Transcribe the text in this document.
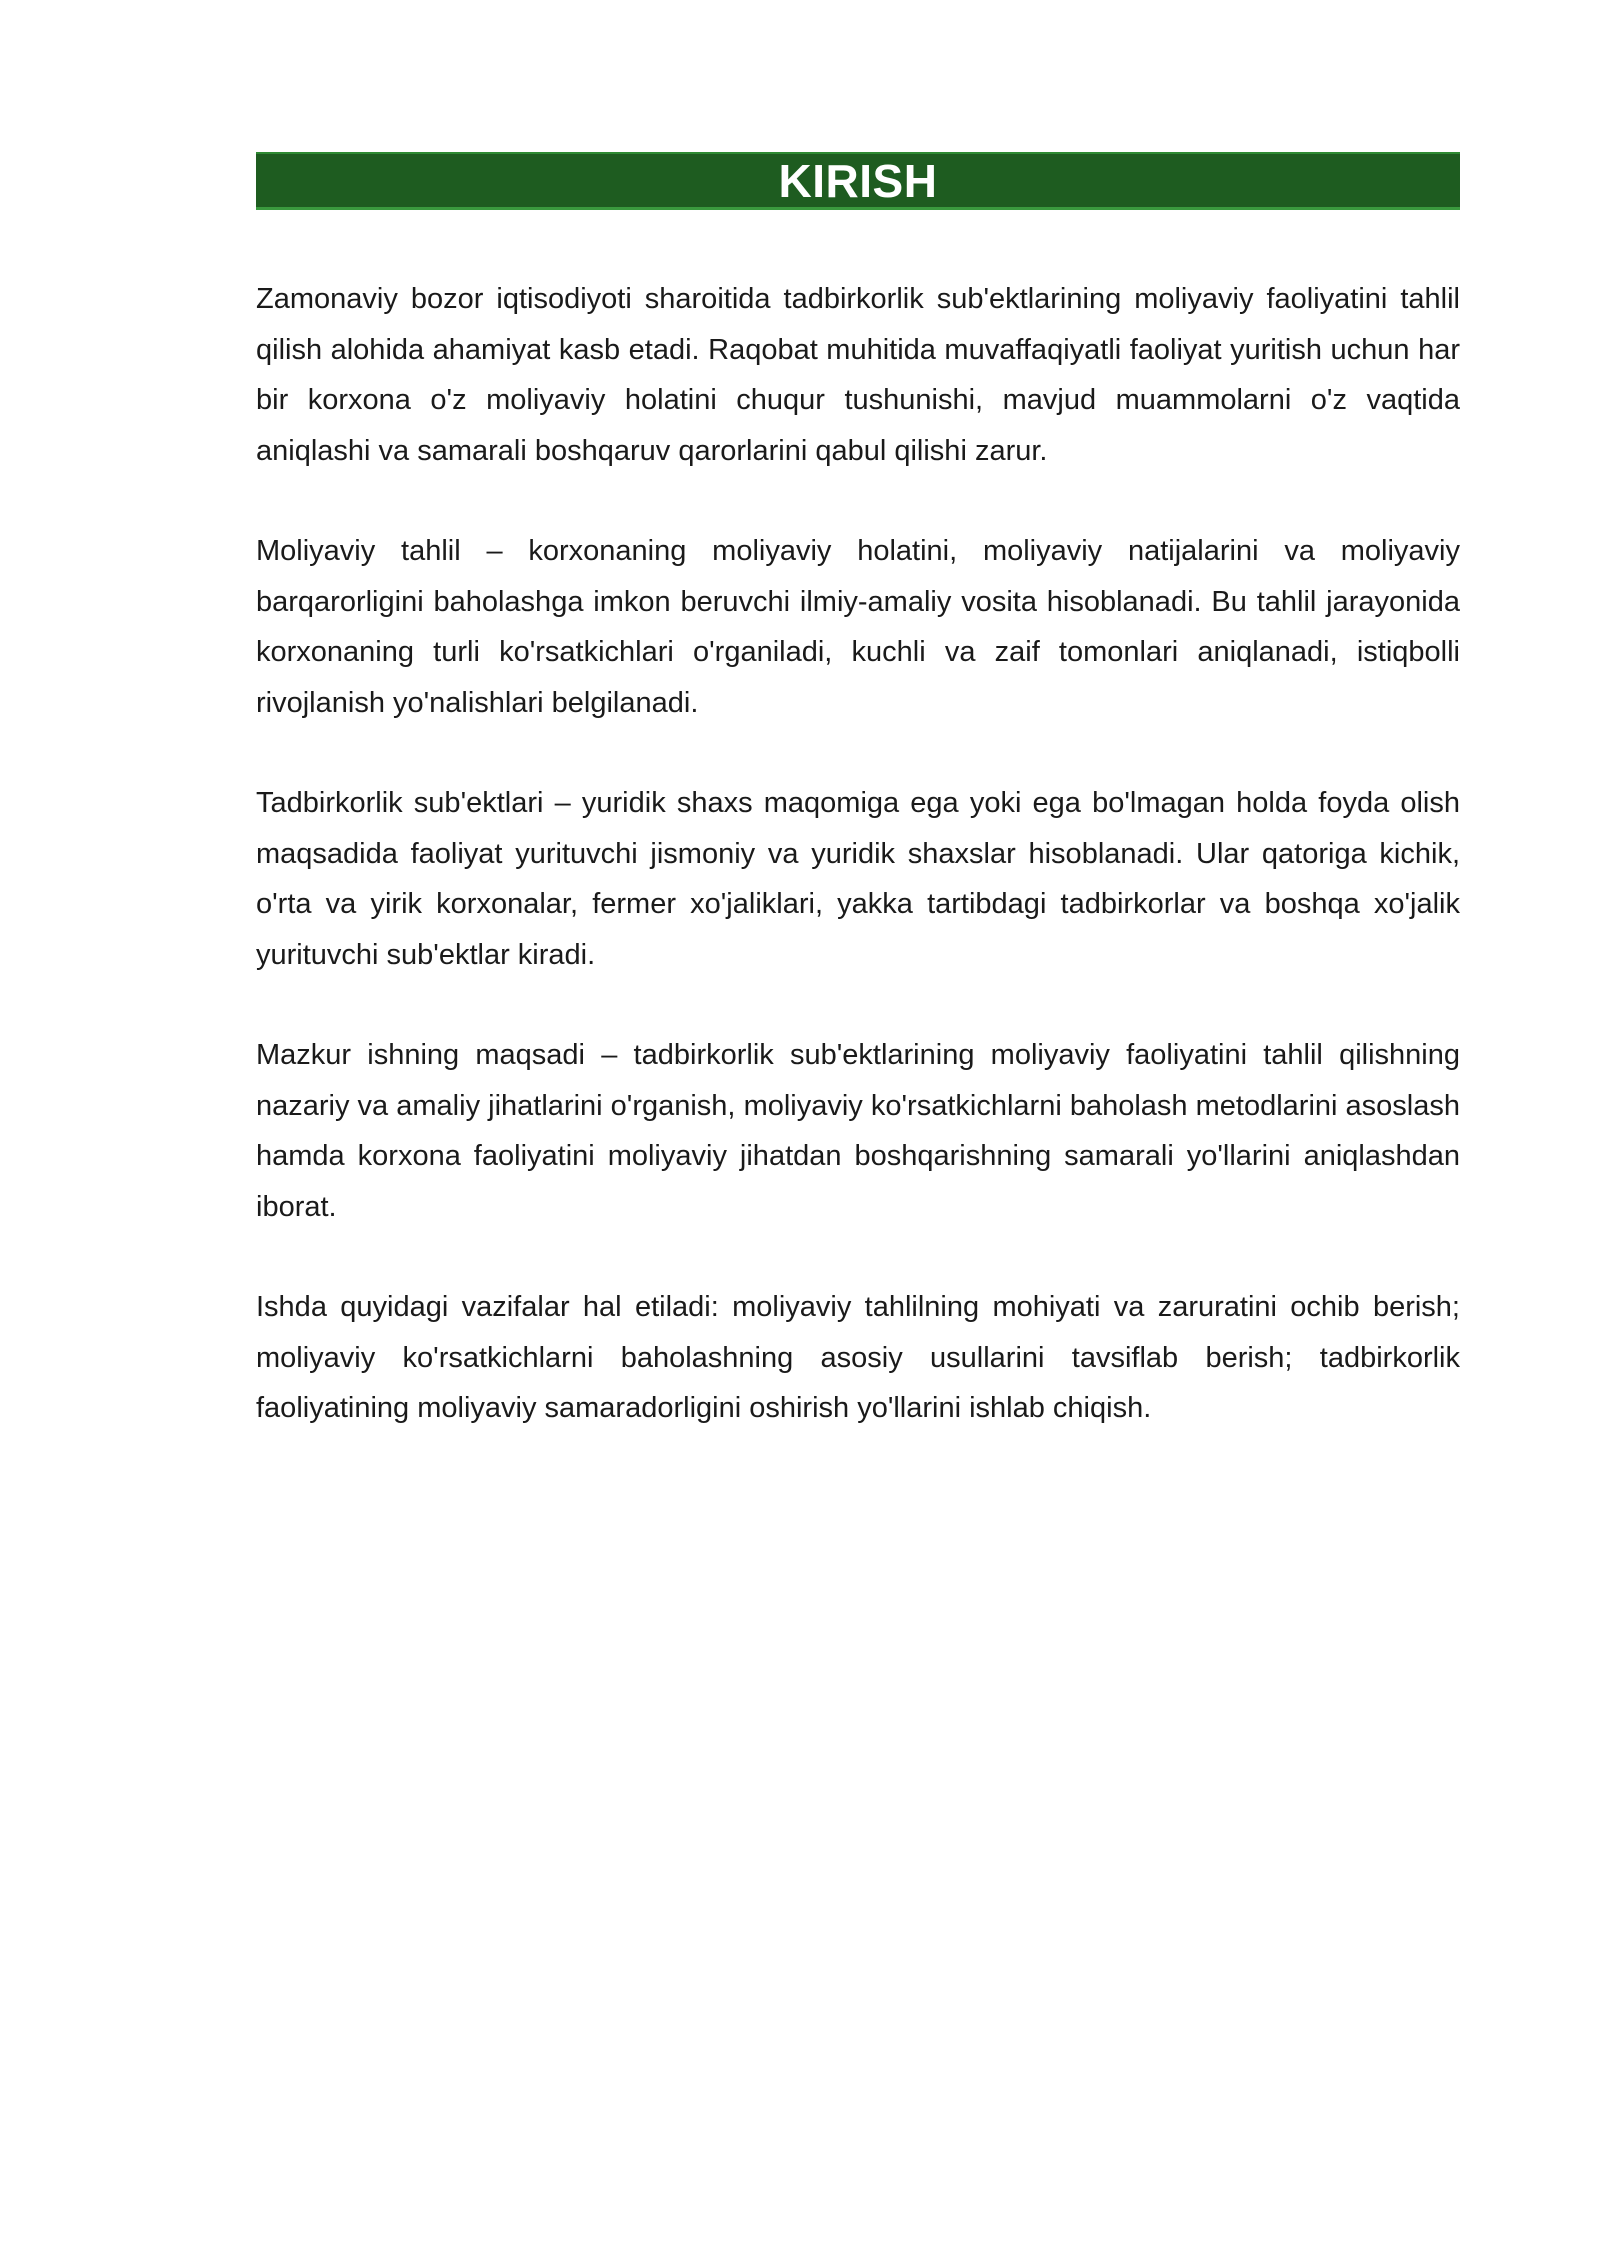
KIRISH

Zamonaviy bozor iqtisodiyoti sharoitida tadbirkorlik sub'ektlarining moliyaviy faoliyatini tahlil qilish alohida ahamiyat kasb etadi. Raqobat muhitida muvaffaqiyatli faoliyat yuritish uchun har bir korxona o'z moliyaviy holatini chuqur tushunishi, mavjud muammolarni o'z vaqtida aniqlashi va samarali boshqaruv qarorlarini qabul qilishi zarur.

Moliyaviy tahlil – korxonaning moliyaviy holatini, moliyaviy natijalarini va moliyaviy barqarorligini baholashga imkon beruvchi ilmiy-amaliy vosita hisoblanadi. Bu tahlil jarayonida korxonaning turli ko'rsatkichlari o'rganiladi, kuchli va zaif tomonlari aniqlanadi, istiqbolli rivojlanish yo'nalishlari belgilanadi.

Tadbirkorlik sub'ektlari – yuridik shaxs maqomiga ega yoki ega bo'lmagan holda foyda olish maqsadida faoliyat yurituvchi jismoniy va yuridik shaxslar hisoblanadi. Ular qatoriga kichik, o'rta va yirik korxonalar, fermer xo'jaliklari, yakka tartibdagi tadbirkorlar va boshqa xo'jalik yurituvchi sub'ektlar kiradi.

Mazkur ishning maqsadi – tadbirkorlik sub'ektlarining moliyaviy faoliyatini tahlil qilishning nazariy va amaliy jihatlarini o'rganish, moliyaviy ko'rsatkichlarni baholash metodlarini asoslash hamda korxona faoliyatini moliyaviy jihatdan boshqarishning samarali yo'llarini aniqlashdan iborat.

Ishda quyidagi vazifalar hal etiladi: moliyaviy tahlilning mohiyati va zaruratini ochib berish; moliyaviy ko'rsatkichlarni baholashning asosiy usullarini tavsiflab berish; tadbirkorlik faoliyatining moliyaviy samaradorligini oshirish yo'llarini ishlab chiqish.
